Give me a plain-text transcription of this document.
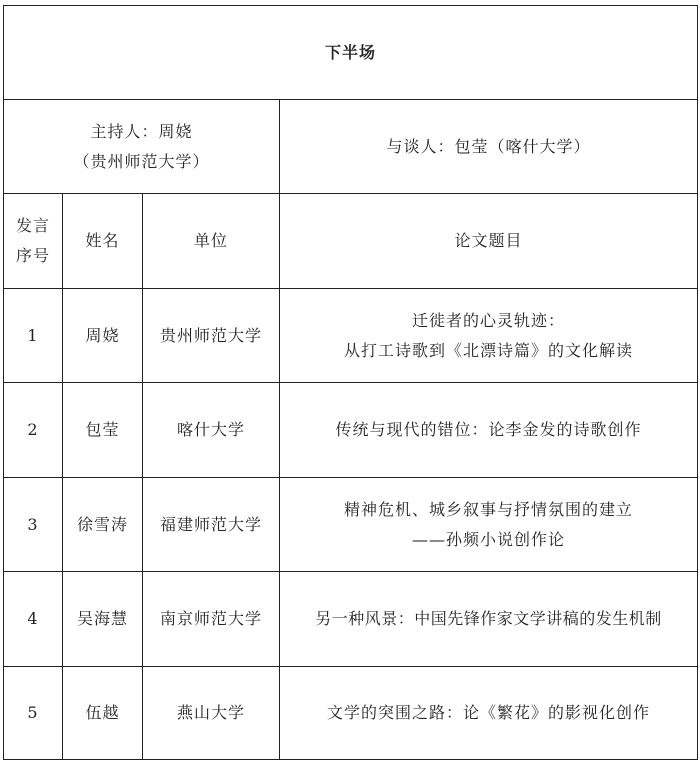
下半场			

主持人：周娆
（贵州师范大学）			与谈人：包莹（喀什大学）

发言
序号	姓名	单位	论文题目
1	周娆	贵州师范大学	迁徙者的心灵轨迹：
从打工诗歌到《北漂诗篇》的文化解读

2	包莹	喀什大学	传统与现代的错位：论李金发的诗歌创作
3	徐雪涛	福建师范大学	精神危机、城乡叙事与抒情氛围的建立
——孙频小说创作论

4	吴海慧	南京师范大学	另一种风景：中国先锋作家文学讲稿的发生机制
5	伍越	燕山大学	文学的突围之路：论《繁花》的影视化创作
